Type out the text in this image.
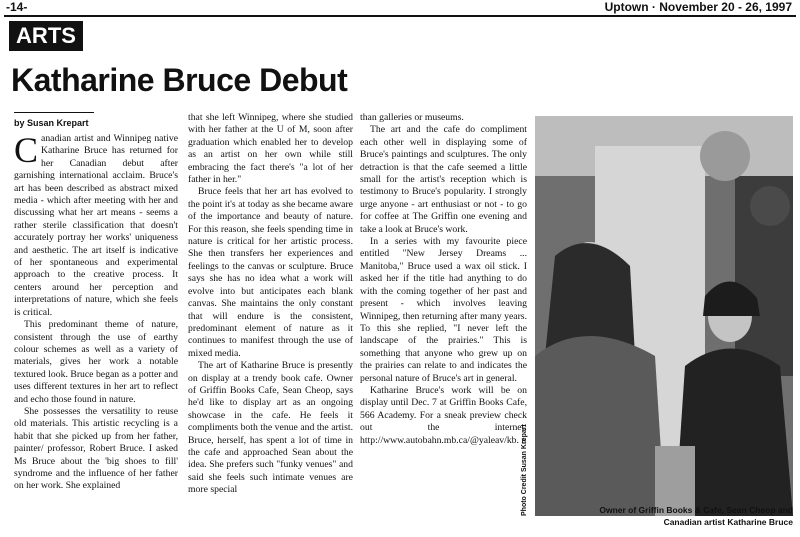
-14-	Uptown · November 20 - 26, 1997
ARTS
Katharine Bruce Debut
by Susan Krepart

Canadian artist and Winnipeg native Katharine Bruce has returned for her Canadian debut after garnishing international acclaim. Bruce's art has been described as abstract mixed media - which after meeting with her and discussing what her art means - seems a rather sterile classification that doesn't accurately portray her works' uniqueness and aesthetic. The art itself is indicative of her spontaneous and experimental approach to the creative process. It centers around her perception and interpretations of nature, which she feels is critical.

This predominant theme of nature, consistent through the use of earthy colour schemes as well as a variety of materials, gives her work a notable textured look. Bruce began as a potter and uses different textures in her art to reflect and echo those found in nature.

She possesses the versatility to reuse old materials. This artistic recycling is a habit that she picked up from her father, painter/ professor, Robert Bruce. I asked Ms Bruce about the 'big shoes to fill' syndrome and the influence of her father on her work. She explained

that she left Winnipeg, where she studied with her father at the U of M, soon after graduation which enabled her to develop as an artist on her own while still embracing the fact there's "a lot of her father in her."

Bruce feels that her art has evolved to the point it's at today as she became aware of the importance and beauty of nature. For this reason, she feels spending time in nature is critical for her artistic process. She then transfers her experiences and feelings to the canvas or sculpture. Bruce says she has no idea what a work will evolve into but anticipates each blank canvas. She maintains the only constant that will endure is the consistent, predominant element of nature as it continues to manifest through the use of mixed media.

The art of Katharine Bruce is presently on display at a trendy book cafe. Owner of Griffin Books Cafe, Sean Cheop, says he'd like to display art as an ongoing showcase in the cafe. He feels it compliments both the venue and the artist. Bruce, herself, has spent a lot of time in the cafe and approached Sean about the idea. She prefers such "funky venues" and said she feels such intimate venues are more special

than galleries or museums.

The art and the cafe do compliment each other well in displaying some of Bruce's paintings and sculptures. The only detraction is that the cafe seemed a little small for the artist's reception which is testimony to Bruce's popularity. I strongly urge anyone - art enthusiast or not - to go for coffee at The Griffin one evening and take a look at Bruce's work.

In a series with my favourite piece entitled "New Jersey Dreams ... Manitoba," Bruce used a wax oil stick. I asked her if the title had anything to do with the coming together of her past and present - which involves leaving Winnipeg, then returning after many years. To this she replied, "I never left the landscape of the prairies." This is something that anyone who grew up on the prairies can relate to and indicates the personal nature of Bruce's art in general.

Katharine Bruce's work will be on display until Dec. 7 at Griffin Books Cafe, 566 Academy. For a sneak preview check out the internet: http://www.autobahn.mb.ca/@yaleav/kb. n

Photo Credit Susan Krepart	Owner of Griffin Books & Cafe, Sean Cheop and
Canadian artist Katharine Bruce
